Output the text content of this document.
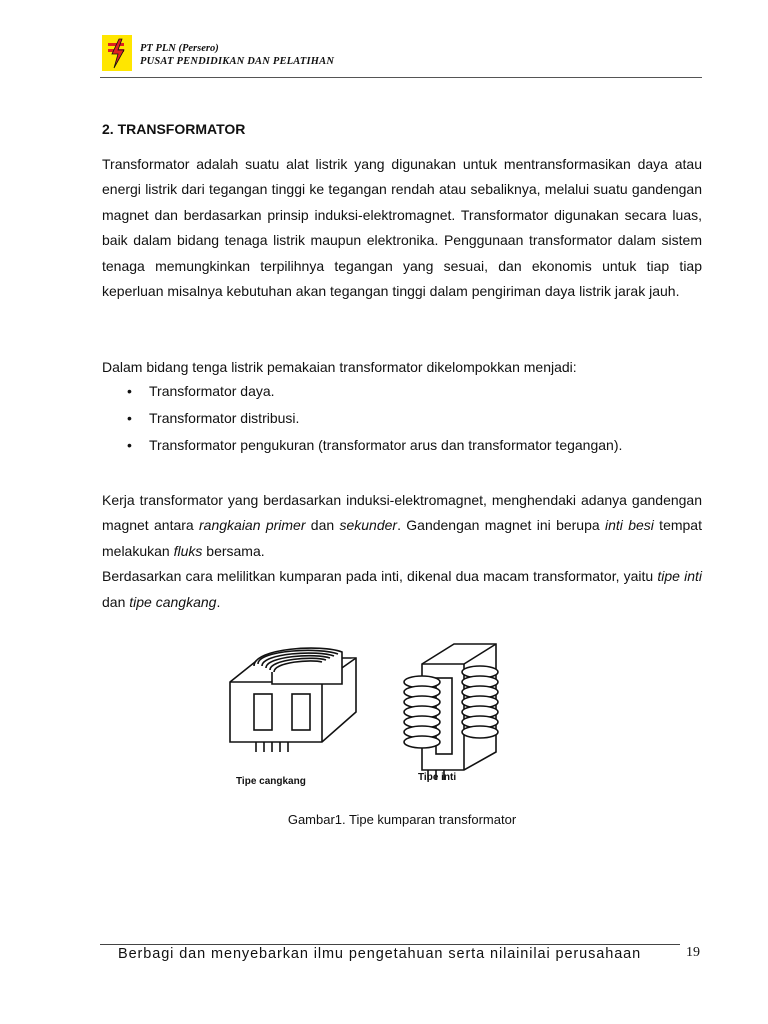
PT PLN (Persero)
PUSAT PENDIDIKAN DAN PELATIHAN
2. TRANSFORMATOR

Transformator adalah suatu alat listrik yang digunakan untuk mentransformasikan daya atau energi listrik dari tegangan tinggi ke tegangan rendah atau sebaliknya, melalui suatu gandengan magnet dan berdasarkan prinsip induksi-elektromagnet. Transformator digunakan secara luas, baik dalam bidang tenaga listrik maupun elektronika. Penggunaan transformator dalam sistem tenaga memungkinkan terpilihnya tegangan yang sesuai, dan ekonomis untuk tiap tiap keperluan misalnya kebutuhan akan tegangan tinggi dalam pengiriman daya listrik jarak jauh.

Dalam bidang tenga listrik pemakaian transformator dikelompokkan menjadi:

• Transformator daya.
• Transformator distribusi.
• Transformator pengukuran (transformator arus dan transformator tegangan).

Kerja transformator yang berdasarkan induksi-elektromagnet, menghendaki adanya gandengan magnet antara rangkaian primer dan sekunder. Gandengan magnet ini berupa inti besi tempat melakukan fluks bersama.

Berdasarkan cara melilitkan kumparan pada inti, dikenal dua macam transformator, yaitu tipe inti dan tipe cangkang.

Tipe cangkang	Tipe inti
Gambar1. Tipe kumparan transformator
Berbagi dan menyebarkan ilmu pengetahuan serta nilainilai perusahaan	19
